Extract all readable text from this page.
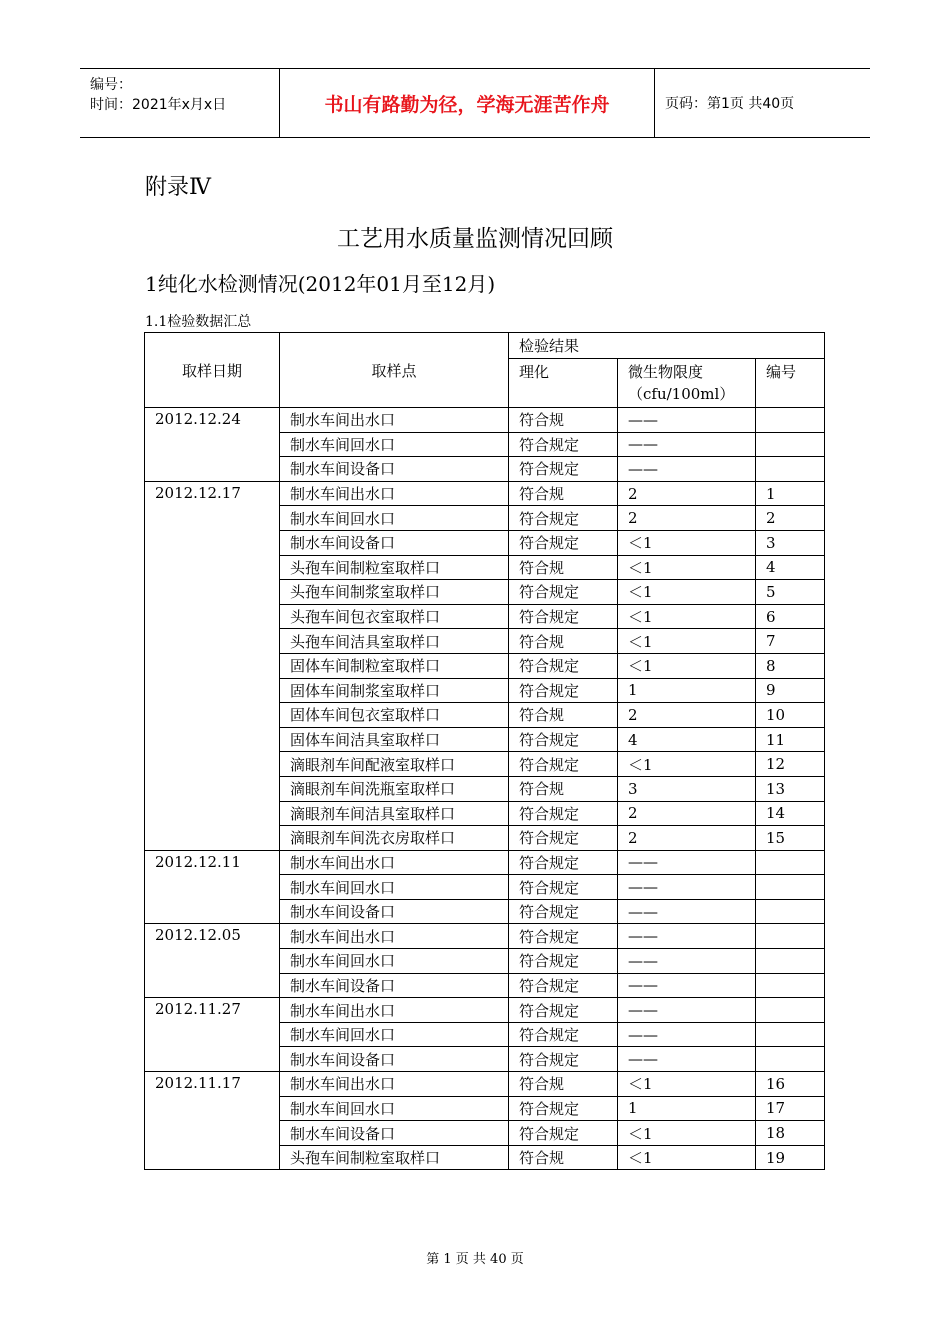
编号：
时间：2021年x月x日	书山有路勤为径，学海无涯苦作舟	页码：第1页 共40页
附录Ⅳ
工艺用水质量监测情况回顾
1纯化水检测情况(2012年01月至12月)
1.1检验数据汇总
取样日期	取样点	检验结果		
		理化	微生物限度（cfu/100ml）	编号
2012.12.24	制水车间出水口	符合规	——	
	制水车间回水口	符合规定	——	
	制水车间设备口	符合规定	——	
2012.12.17	制水车间出水口	符合规	2	1
	制水车间回水口	符合规定	2	2
	制水车间设备口	符合规定	＜1	3
	头孢车间制粒室取样口	符合规	＜1	4
	头孢车间制浆室取样口	符合规定	＜1	5
	头孢车间包衣室取样口	符合规定	＜1	6
	头孢车间洁具室取样口	符合规	＜1	7
	固体车间制粒室取样口	符合规定	＜1	8
	固体车间制浆室取样口	符合规定	1	9
	固体车间包衣室取样口	符合规	2	10
	固体车间洁具室取样口	符合规定	4	11
	滴眼剂车间配液室取样口	符合规定	＜1	12
	滴眼剂车间洗瓶室取样口	符合规	3	13
	滴眼剂车间洁具室取样口	符合规定	2	14
	滴眼剂车间洗衣房取样口	符合规定	2	15
2012.12.11	制水车间出水口	符合规定	——	
	制水车间回水口	符合规定	——	
	制水车间设备口	符合规定	——	
2012.12.05	制水车间出水口	符合规定	——	
	制水车间回水口	符合规定	——	
	制水车间设备口	符合规定	——	
2012.11.27	制水车间出水口	符合规定	——	
	制水车间回水口	符合规定	——	
	制水车间设备口	符合规定	——	
2012.11.17	制水车间出水口	符合规	＜1	16
	制水车间回水口	符合规定	1	17
	制水车间设备口	符合规定	＜1	18
	头孢车间制粒室取样口	符合规	＜1	19
第 1 页 共 40 页
